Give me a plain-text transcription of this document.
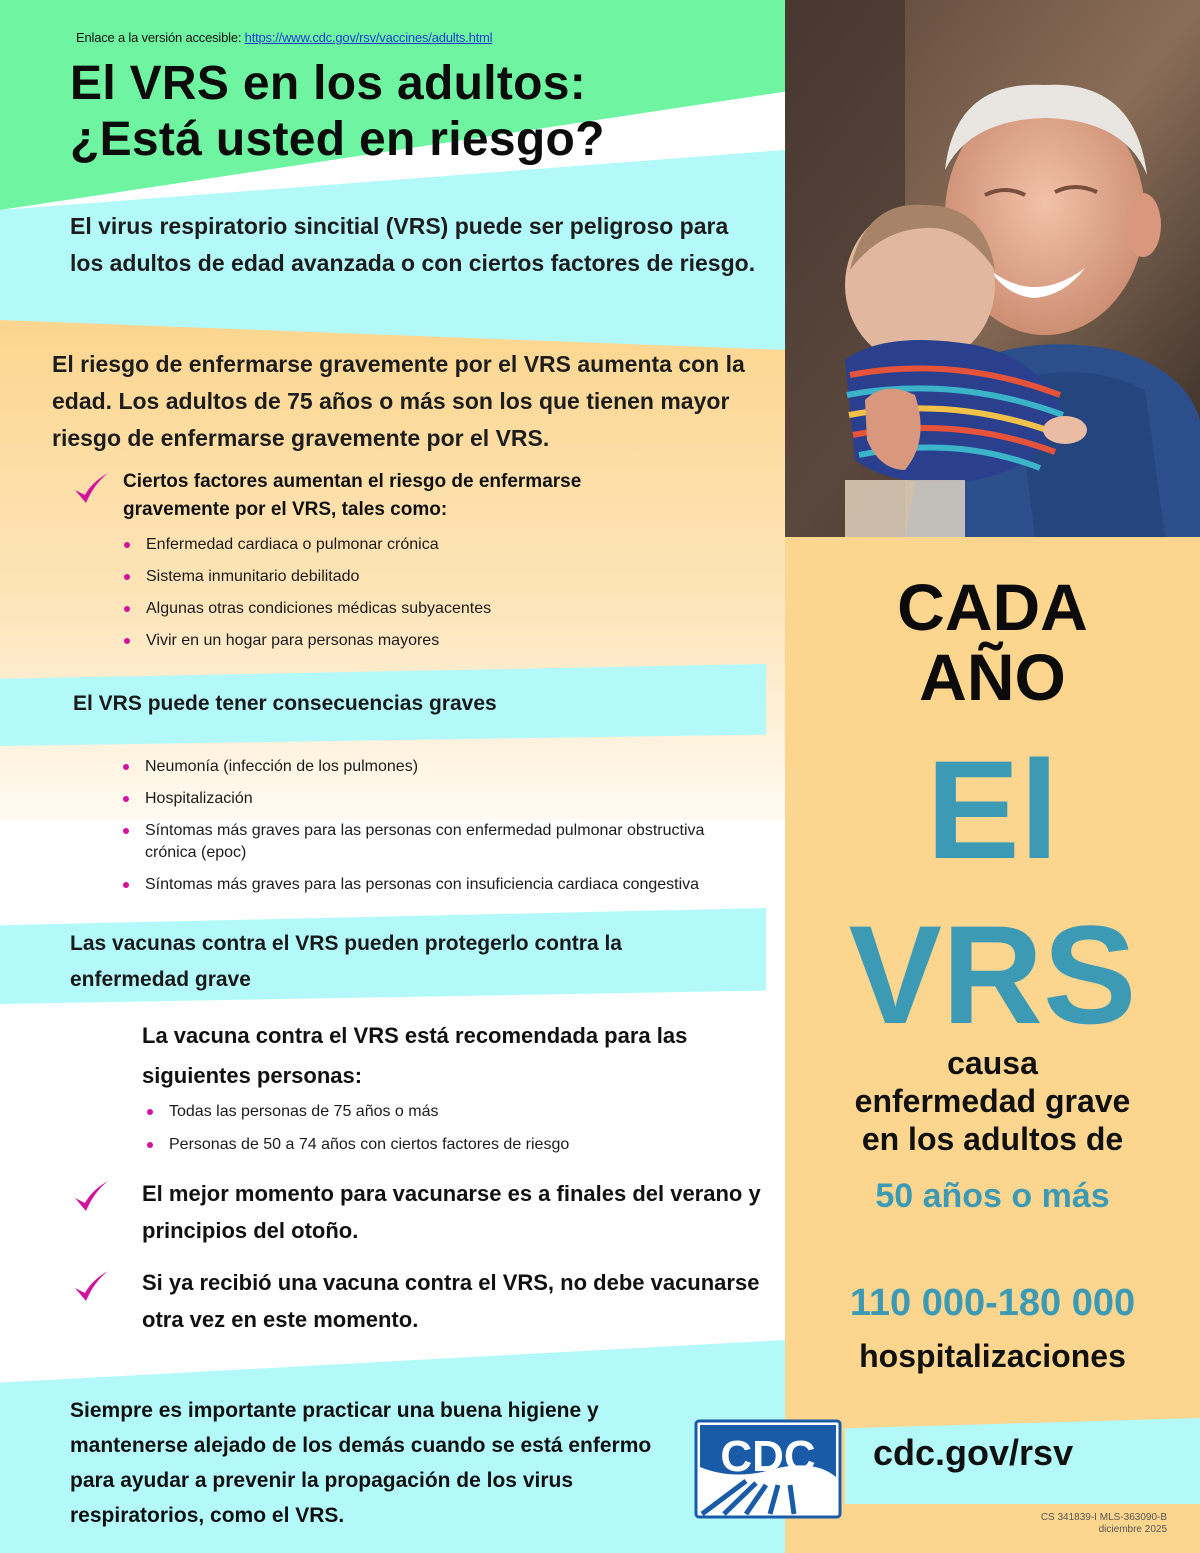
Enlace a la versión accesible: https://www.cdc.gov/rsv/vaccines/adults.html
El VRS en los adultos:
¿Está usted en riesgo?
El virus respiratorio sincitial (VRS) puede ser peligroso para los adultos de edad avanzada o con ciertos factores de riesgo.
El riesgo de enfermarse gravemente por el VRS aumenta con la edad. Los adultos de 75 años o más son los que tienen mayor riesgo de enfermarse gravemente por el VRS.
Ciertos factores aumentan el riesgo de enfermarse gravemente por el VRS, tales como:
Enfermedad cardiaca o pulmonar crónica
Sistema inmunitario debilitado
Algunas otras condiciones médicas subyacentes
Vivir en un hogar para personas mayores
El VRS puede tener consecuencias graves
Neumonía (infección de los pulmones)
Hospitalización
Síntomas más graves para las personas con enfermedad pulmonar obstructiva crónica (epoc)
Síntomas más graves para las personas con insuficiencia cardiaca congestiva
Las vacunas contra el VRS pueden protegerlo contra la enfermedad grave
La vacuna contra el VRS está recomendada para las siguientes personas:
Todas las personas de 75 años o más
Personas de 50 a 74 años con ciertos factores de riesgo
El mejor momento para vacunarse es a finales del verano y principios del otoño.
Si ya recibió una vacuna contra el VRS, no debe vacunarse otra vez en este momento.
Siempre es importante practicar una buena higiene y mantenerse alejado de los demás cuando se está enfermo para ayudar a prevenir la propagación de los virus respiratorios, como el VRS.
CADA
AÑO
El
VRS
causa
enfermedad grave
en los adultos de
50 años o más
110 000-180 000
hospitalizaciones
CDC cdc.gov/rsv
CS 341839-I MLS-363090-B
diciembre 2025
